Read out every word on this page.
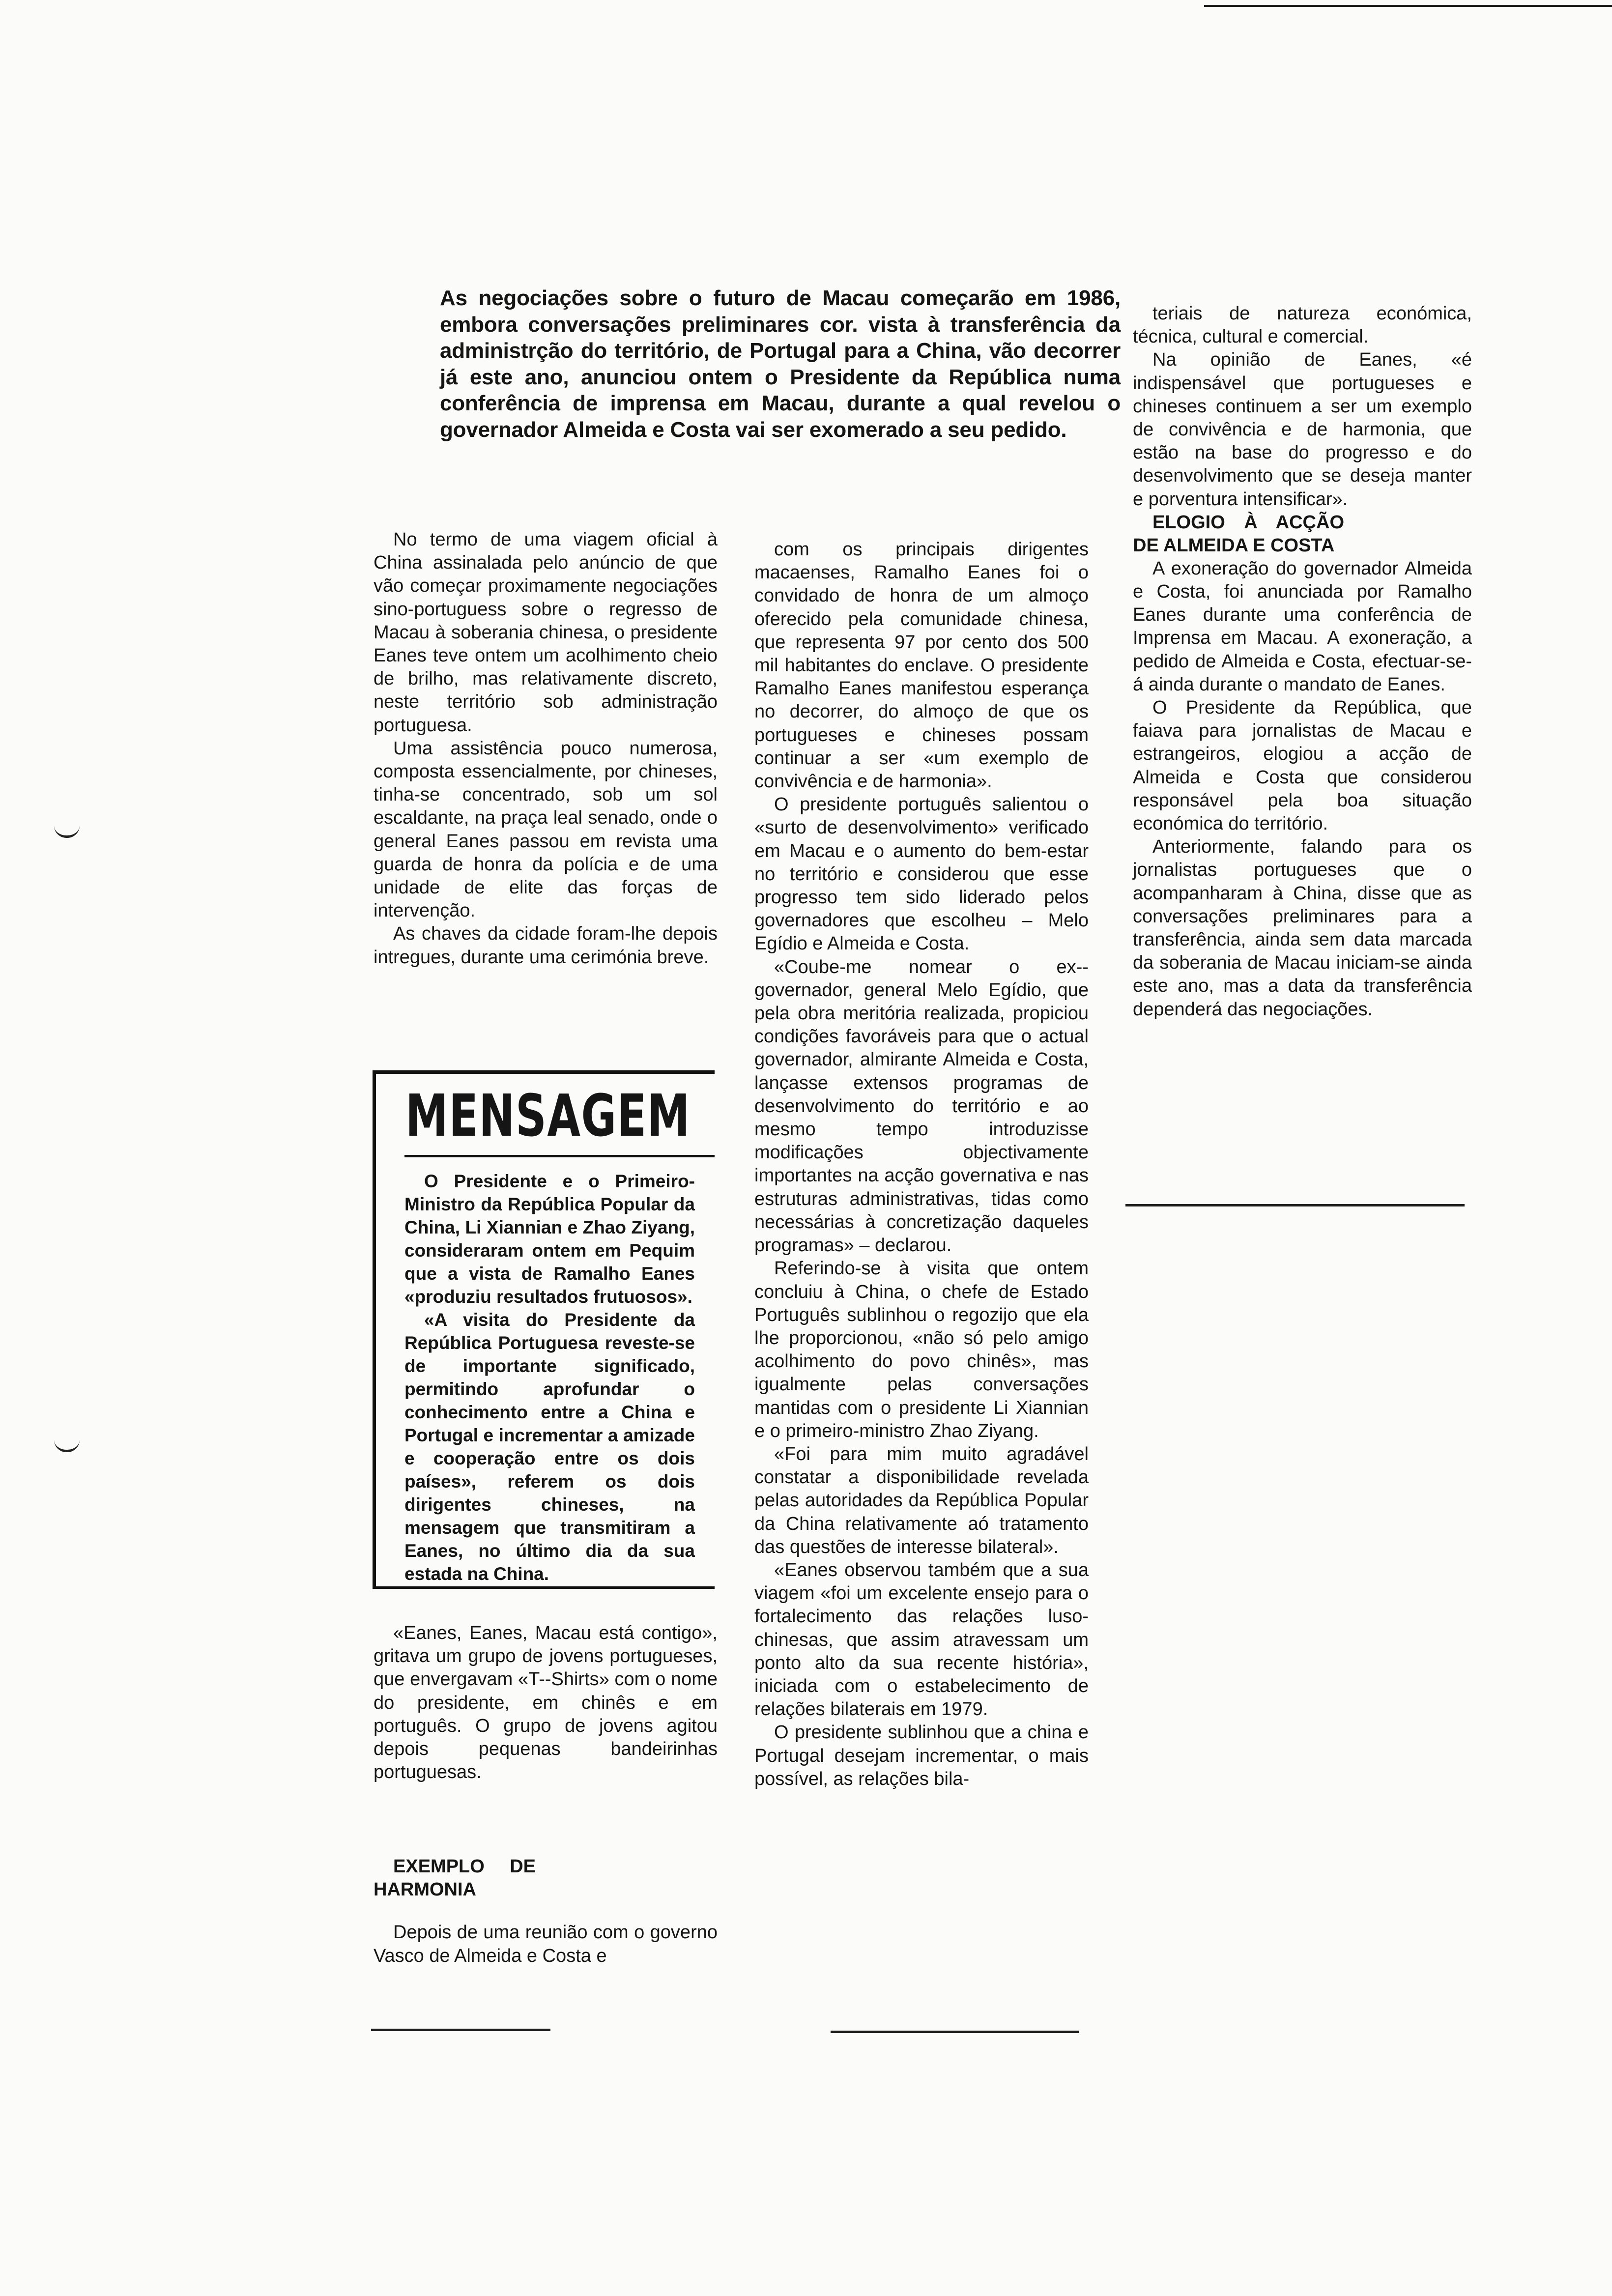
As negociações sobre o futuro de Macau começarão em 1986, embora conversações preliminares cor. vista à transferência da administrção do território, de Portugal para a China, vão decorrer já este ano, anunciou ontem o Presidente da República numa conferência de imprensa em Macau, durante a qual revelou o governador Almeida e Costa vai ser exomerado a seu pedido.

No termo de uma viagem oficial à China assinalada pelo anúncio de que vão começar proximamente negociações sino-portuguess sobre o regresso de Macau à soberania chinesa, o presidente Eanes teve ontem um acolhimento cheio de brilho, mas relativamente discreto, neste território sob administração portuguesa.

Uma assistência pouco numerosa, composta essencialmente, por chineses, tinha-se concentrado, sob um sol escaldante, na praça leal senado, onde o general Eanes passou em revista uma guarda de honra da polícia e de uma unidade de elite das forças de intervenção.

As chaves da cidade foram-lhe depois intregues, durante uma cerimónia breve.

MENSAGEM

O Presidente e o Primeiro-Ministro da República Popular da China, Li Xiannian e Zhao Ziyang, consideraram ontem em Pequim que a vista de Ramalho Eanes «produziu resultados frutuosos».

«A visita do Presidente da República Portuguesa reveste-se de importante significado, permitindo aprofundar o conhecimento entre a China e Portugal e incrementar a amizade e cooperação entre os dois países», referem os dois dirigentes chineses, na mensagem que transmitiram a Eanes, no último dia da sua estada na China.

«Eanes, Eanes, Macau está contigo», gritava um grupo de jovens portugueses, que envergavam «T--Shirts» com o nome do presidente, em chinês e em português. O grupo de jovens agitou depois pequenas bandeirinhas portuguesas.

EXEMPLO DE HARMONIA

Depois de uma reunião com o governo Vasco de Almeida e Costa e

com os principais dirigentes macaenses, Ramalho Eanes foi o convidado de honra de um almoço oferecido pela comunidade chinesa, que representa 97 por cento dos 500 mil habitantes do enclave. O presidente Ramalho Eanes manifestou esperança no decorrer, do almoço de que os portugueses e chineses possam continuar a ser «um exemplo de convivência e de harmonia».

O presidente português salientou o «surto de desenvolvimento» verificado em Macau e o aumento do bem-estar no território e considerou que esse progresso tem sido liderado pelos governadores que escolheu – Melo Egídio e Almeida e Costa.

«Coube-me nomear o ex--governador, general Melo Egídio, que pela obra meritória realizada, propiciou condições favoráveis para que o actual governador, almirante Almeida e Costa, lançasse extensos programas de desenvolvimento do território e ao mesmo tempo introduzisse modificações objectivamente importantes na acção governativa e nas estruturas administrativas, tidas como necessárias à concretização daqueles programas» – declarou.

Referindo-se à visita que ontem concluiu à China, o chefe de Estado Português sublinhou o regozijo que ela lhe proporcionou, «não só pelo amigo acolhimento do povo chinês», mas igualmente pelas conversações mantidas com o presidente Li Xiannian e o primeiro-ministro Zhao Ziyang.

«Foi para mim muito agradável constatar a disponibilidade revelada pelas autoridades da República Popular da China relativamente aó tratamento das questões de interesse bilateral».

«Eanes observou também que a sua viagem «foi um excelente ensejo para o fortalecimento das relações luso-chinesas, que assim atravessam um ponto alto da sua recente história», iniciada com o estabelecimento de relações bilaterais em 1979.

O presidente sublinhou que a china e Portugal desejam incrementar, o mais possível, as relações bila-

teriais de natureza económica, técnica, cultural e comercial.

Na opinião de Eanes, «é indispensável que portugueses e chineses continuem a ser um exemplo de convivência e de harmonia, que estão na base do progresso e do desenvolvimento que se deseja manter e porventura intensificar».

ELOGIO À ACÇÃO DE ALMEIDA E COSTA

A exoneração do governador Almeida e Costa, foi anunciada por Ramalho Eanes durante uma conferência de Imprensa em Macau. A exoneração, a pedido de Almeida e Costa, efectuar-se-á ainda durante o mandato de Eanes.

O Presidente da República, que faiava para jornalistas de Macau e estrangeiros, elogiou a acção de Almeida e Costa que considerou responsável pela boa situação económica do território.

Anteriormente, falando para os jornalistas portugueses que o acompanharam à China, disse que as conversações preliminares para a transferência, ainda sem data marcada da soberania de Macau iniciam-se ainda este ano, mas a data da transferência dependerá das negociações.
